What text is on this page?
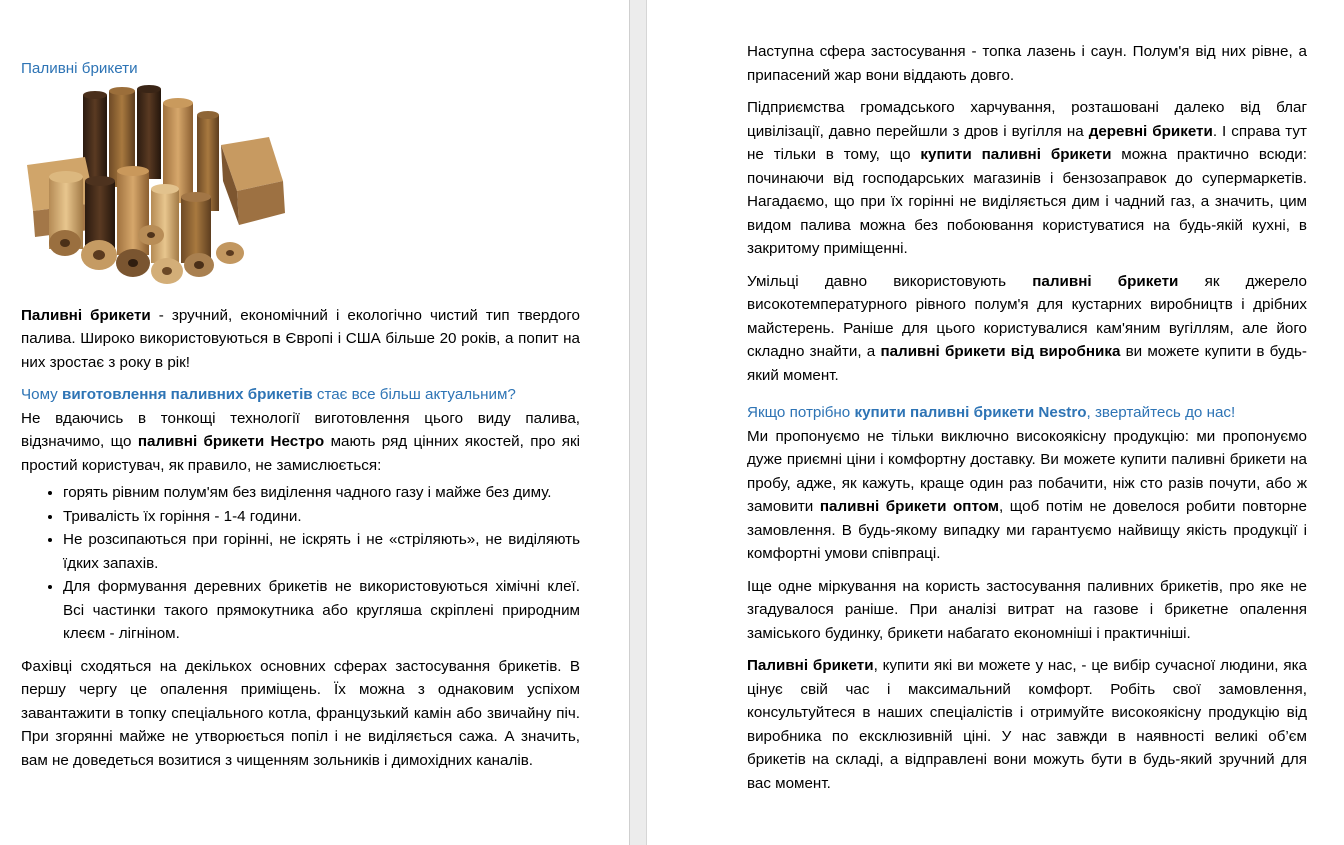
Паливні брикети

Паливні брикети - зручний, економічний і екологічно чистий тип твердого палива. Широко використовуються в Європі і США більше 20 років, а попит на них зростає з року в рік!

Чому виготовлення паливних брикетів стає все більш актуальним?

Не вдаючись в тонкощі технології виготовлення цього виду палива, відзначимо, що паливні брикети Нестро мають ряд цінних якостей, про які простий користувач, як правило, не замислюється:

• горять рівним полум'ям без виділення чадного газу і майже без диму.
• Тривалість їх горіння - 1-4 години.
• Не розсипаються при горінні, не іскрять і не «стріляють», не виділяють їдких запахів.
• Для формування деревних брикетів не використовуються хімічні клеї. Всі частинки такого прямокутника або кругляша скріплені природним клеєм - лігніном.

Фахівці сходяться на декількох основних сферах застосування брикетів. В першу чергу це опалення приміщень. Їх можна з однаковим успіхом завантажити в топку спеціального котла, французький камін або звичайну піч. При згорянні майже не утворюється попіл і не виділяється сажа. А значить, вам не доведеться возитися з чищенням зольників і димохідних каналів.

Наступна сфера застосування - топка лазень і саун. Полум'я від них рівне, а припасений жар вони віддають довго.

Підприємства громадського харчування, розташовані далеко від благ цивілізації, давно перейшли з дров і вугілля на деревні брикети. І справа тут не тільки в тому, що купити паливні брикети можна практично всюди: починаючи від господарських магазинів і бензозаправок до супермаркетів. Нагадаємо, що при їх горінні не виділяється дим і чадний газ, а значить, цим видом палива можна без побоювання користуватися на будь-якій кухні, в закритому приміщенні.

Умільці давно використовують паливні брикети як джерело високотемпературного рівного полум'я для кустарних виробництв і дрібних майстерень. Раніше для цього користувалися кам'яним вугіллям, але його складно знайти, а паливні брикети від виробника ви можете купити в будь-який момент.

Якщо потрібно купити паливні брикети Nestro, звертайтесь до нас!

Ми пропонуємо не тільки виключно високоякісну продукцію: ми пропонуємо дуже приємні ціни і комфортну доставку. Ви можете купити паливні брикети на пробу, адже, як кажуть, краще один раз побачити, ніж сто разів почути, або ж замовити паливні брикети оптом, щоб потім не довелося робити повторне замовлення. В будь-якому випадку ми гарантуємо найвищу якість продукції і комфортні умови співпраці.

Іще одне міркування на користь застосування паливних брикетів, про яке не згадувалося раніше. При аналізі витрат на газове і брикетне опалення заміського будинку, брикети набагато економніші і практичніші.

Паливні брикети, купити які ви можете у нас, - це вибір сучасної людини, яка цінує свій час і максимальний комфорт. Робіть свої замовлення, консультуйтеся в наших спеціалістів і отримуйте високоякісну продукцію від виробника по ексклюзивній ціні. У нас завжди в наявності великі об’єм брикетів на складі, а відправлені вони можуть бути в будь-який зручний для вас момент.
